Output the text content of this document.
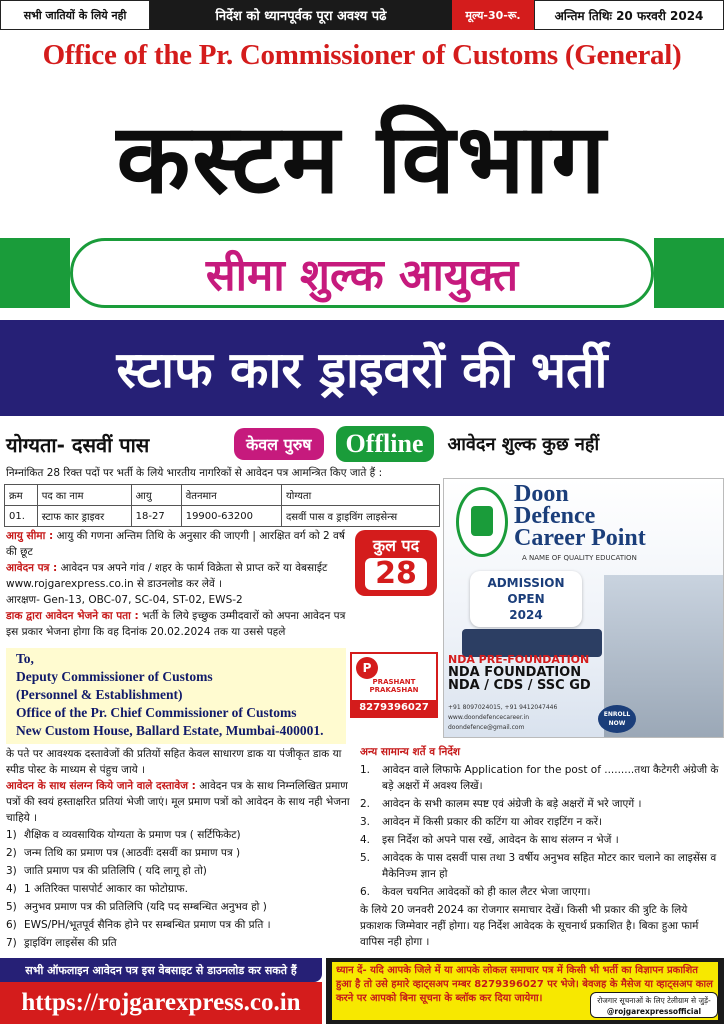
सभी जातियों के लिये नही	निर्देश को ध्यानपूर्वक पूरा अवश्य पढे	मूल्य-30-रू.	अन्तिम तिथिः 20 फरवरी 2024
Office of the Pr. Commissioner of Customs (General)
कस्टम विभाग
सीमा शुल्क आयुक्त
स्टाफ कार ड्राइवरों की भर्ती
योग्यता- दसवीं पास	केवल पुरुष	Offline	आवेदन शुल्क कुछ नहीं
निम्नांकित 28 रिक्त पदों पर भर्ती के लिये भारतीय नागरिकों से आवेदन पत्र आमन्त्रित किए जाते हैं :
क्रम	पद का नाम	आयु	वेतनमान	योग्यता
01.	स्टाफ कार ड्राइवर	18-27	19900-63200	दसवीं पास व ड्राइविंग लाइसेन्स

आयु सीमा : आयु की गणना अन्तिम तिथि के अनुसार की जाएगी | आरक्षित वर्ग को 2 वर्ष की छूट

आवेदन पत्र : आवेदन पत्र अपने गांव / शहर के फार्म विक्रेता से प्राप्त करें या वेबसाईट www.rojgarexpress.co.in से डाउनलोड कर लेवें ।

आरक्षण- Gen-13, OBC-07, SC-04, ST-02, EWS-2

डाक द्वारा आवेदन भेजने का पता : भर्ती के लिये इच्छुक उम्मीदवारों को अपना आवेदन पत्र इस प्रकार भेजना होगा कि वह दिनांक 20.02.2024 तक या उससे पहले

कुल पद
28
To,
Deputy Commissioner of Customs
(Personnel & Establishment)
Office of the Pr. Chief Commissioner of Customs
New Custom House, Ballard Estate, Mumbai-400001.
P
PRASHANT PRAKASHAN
8279396027

के पते पर आवश्यक दस्तावेजों की प्रतियों सहित केवल साधारण डाक या पंजीकृत डाक या स्पीड पोस्ट के माध्यम से पंहुच जाये ।

आवेदन के साथ संलग्न किये जाने वाले दस्तावेज : आवेदन पत्र के साथ निम्नलिखित प्रमाण पत्रों की स्वयं हस्ताक्षरित प्रतियां भेजी जाएं। मूल प्रमाण पत्रों को आवेदन के साथ नही भेजना चाहिये ।

1) शैक्षिक व व्यवसायिक योग्यता के प्रमाण पत्र ( सर्टिफिकेट)
2) जन्म तिथि का प्रमाण पत्र (आठवींः दसवीं का प्रमाण पत्र )
3) जाति प्रमाण पत्र की प्रतिलिपि ( यदि लागू हो तो)
4) 1 अतिरिक्त पासपोर्ट आकार का फोटोग्राफ.
5) अनुभव प्रमाण पत्र की प्रतिलिपि (यदि पद सम्बन्धित अनुभव हो )
6) EWS/PH/भूतपूर्व सैनिक होने पर सम्बन्धित प्रमाण पत्र की प्रति ।
7) ड्राइविंग लाइसेंस की प्रति
Doon
Defence
Career Point
A NAME OF QUALITY EDUCATION
ADMISSION
OPEN
2024
NDA PRE-FOUNDATION
NDA FOUNDATION
NDA / CDS / SSC GD
+91 8097024015, +91 9412047446
www.doondefencecareer.in
doondefence@gmail.com
ENROLL NOW
अन्य सामान्य शर्ते व निर्देश
1.	आवेदन वाले लिफाफे Application for the post of .........तथा कैटेगरी अंग्रेजी के बड़े अक्षरों में अवश्य लिखें।
2.	आवेदन के सभी कालम स्पष्ट एवं अंग्रेजी के बड़े अक्षरों में भरे जाएगें ।
3.	आवेदन में किसी प्रकार की कटिंग या ओवर राइटिंग न करें।
4.	इस निर्देश को अपने पास रखें, आवेदन के साथ संलग्न न भेजें ।
5.	आवेदक के पास दसवीं पास तथा 3 वर्षीय अनुभव सहित मोटर कार चलाने का लाइसेंस व मैकेनिज्म ज्ञान हो
6.	केवल चयनित आवेदकों को ही काल लैटर भेजा जाएगा।

के लिये 20 जनवरी 2024 का रोजगार समाचार देखें। किसी भी प्रकार की त्रुटि के लिये प्रकाशक जिम्मेवार नहीं होगा। यह निर्देश आवेदक के सूचनार्थ प्रकाशित है। बिका हुआ फार्म वापिस नही होगा ।

सभी ऑफलाइन आवेदन पत्र इस वेबसाइट से डाउनलोड कर सकते हैं
https://rojgarexpress.co.in
ध्यान दें- यदि आपके जिले में या आपके लोकल समाचार पत्र में किसी भी भर्ती का विज्ञापन प्रकाशित हुआ है तो उसे हमारे व्हाट्सअप नम्बर 8279396027 पर भेजे। बेवजह के मैसेज या व्हाट्सअप काल करने पर आपको बिना सूचना के ब्लॉक कर दिया जायेगा।	रोजगार सूचनाओं के लिए टेलीग्राम से जुड़ें-
@rojgarexpressofficial
